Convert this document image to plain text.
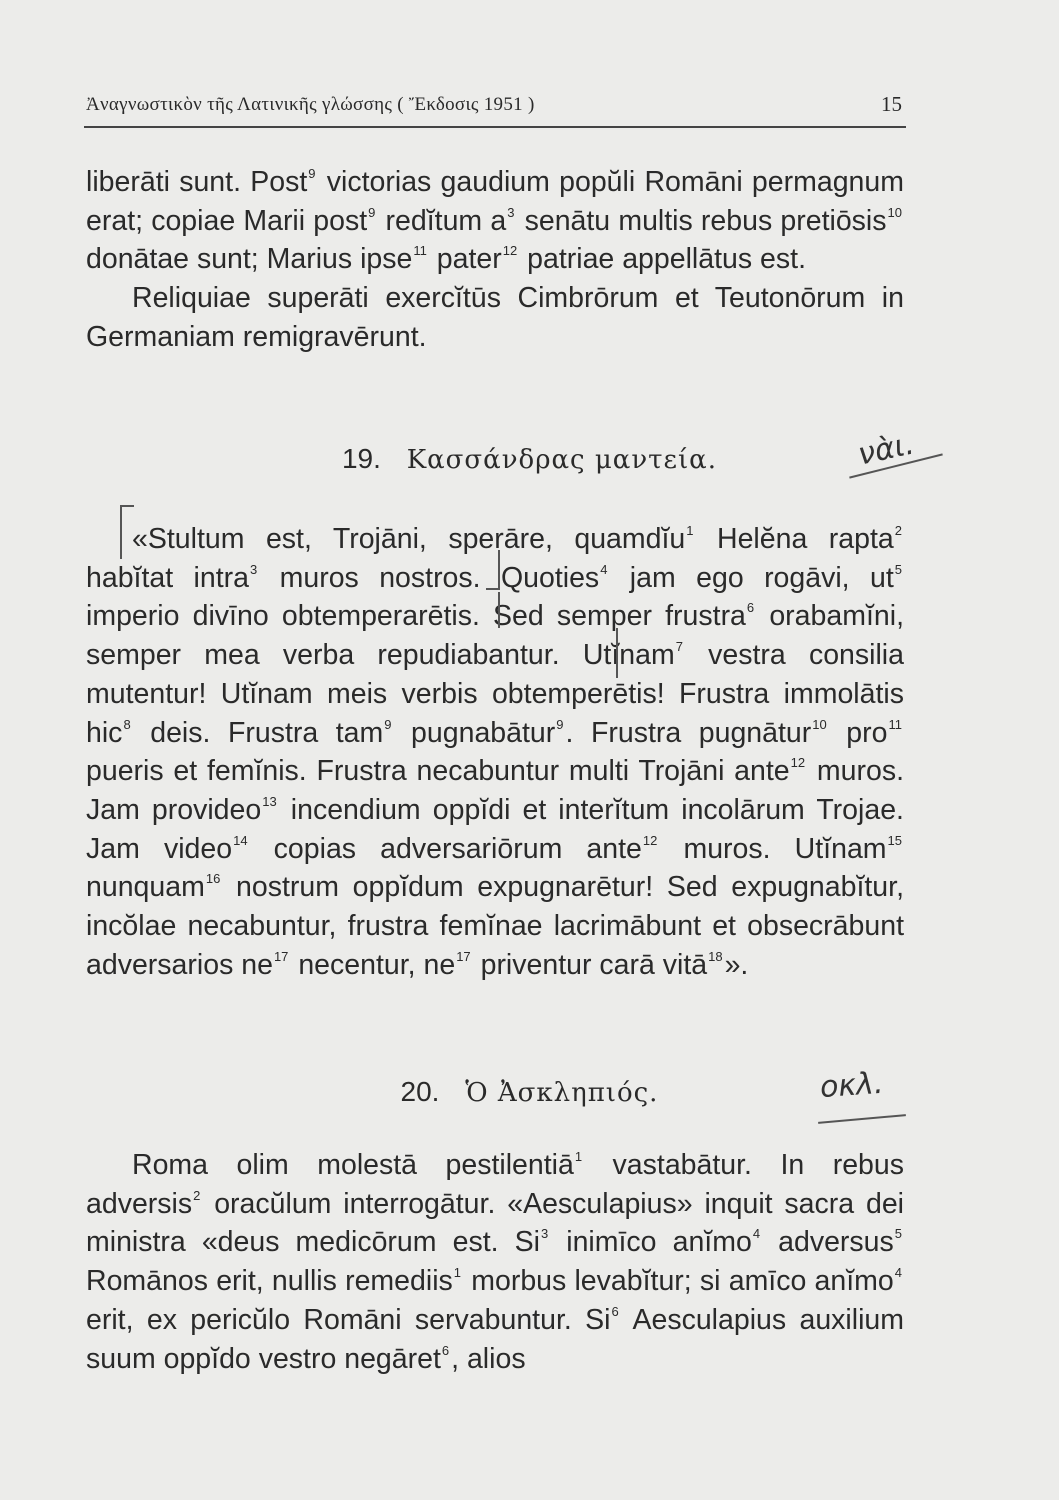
Ἀναγνωστικὸν τῆς Λατινικῆς γλώσσης ( Ἔκδοσις 1951 )	15

liberāti sunt. Post$^9$ victorias gaudium popŭli Romāni permagnum erat; copiae Marii post$^9$ redĭtum $a^3$ senātu multis rebus pretiōsis$^{10}$ donātae sunt; Marius ipse$^{11}$ pater$^{12}$ patriae appellātus est.

Reliquiae superāti exercĭtūs Cimbrōrum et Teutonōrum in Germaniam remigravērunt.

19. Κασσάνδρας μαντεία.	νὰι.

«Stultum est, Trojāni, sperāre, quamdĭu$^1$ Helĕna rapta$^2$ habĭtat intra$^3$ muros nostros. Quoties$^4$ jam ego rogāvi, $ut^5$ imperio divīno obtemperarētis. Sed semper frustra$^6$ orabamĭni, semper mea verba repudiabantur. Utĭnam$^7$ vestra consilia mutentur! Utĭnam meis verbis obtemperētis! Frustra immolātis hic$^8$ deis. Frustra tam$^9$ pugnabātur$^9$. Frustra pugnātur$^{10}$ pro$^{11}$ pueris et femĭnis. Frustra necabuntur multi Trojāni ante$^{12}$ muros. Jam provideo$^{13}$ incendium oppĭdi et interĭtum incolārum Trojae. Jam video$^{14}$ copias adversariōrum ante$^{12}$ muros. Utĭnam$^{15}$ nunquam$^{16}$ nostrum oppĭdum expugnarētur! Sed expugnabĭtur, incŏlae necabuntur, frustra femĭnae lacrimābunt et obsecrābunt adversarios $ne^{17}$ necentur, $ne^{17}$ priventur carā vitā$^{18}$».

20. Ὁ Ἀσκληπιός.	οκλ.

Roma olim molestā pestilentiā$^1$ vastabātur. In rebus adversis$^2$ oracŭlum interrogātur. «Aesculapius» inquit sacra dei ministra «deus medicōrum est. Si$^3$ inimīco anĭmo$^4$ adversus$^5$ Romānos erit, nullis remediis$^1$ morbus levabĭtur; si amīco anĭmo$^4$ erit, ex pericŭlo Romāni servabuntur. Si$^6$ Aesculapius auxilium suum oppĭdo vestro negāret$^6$, alios
